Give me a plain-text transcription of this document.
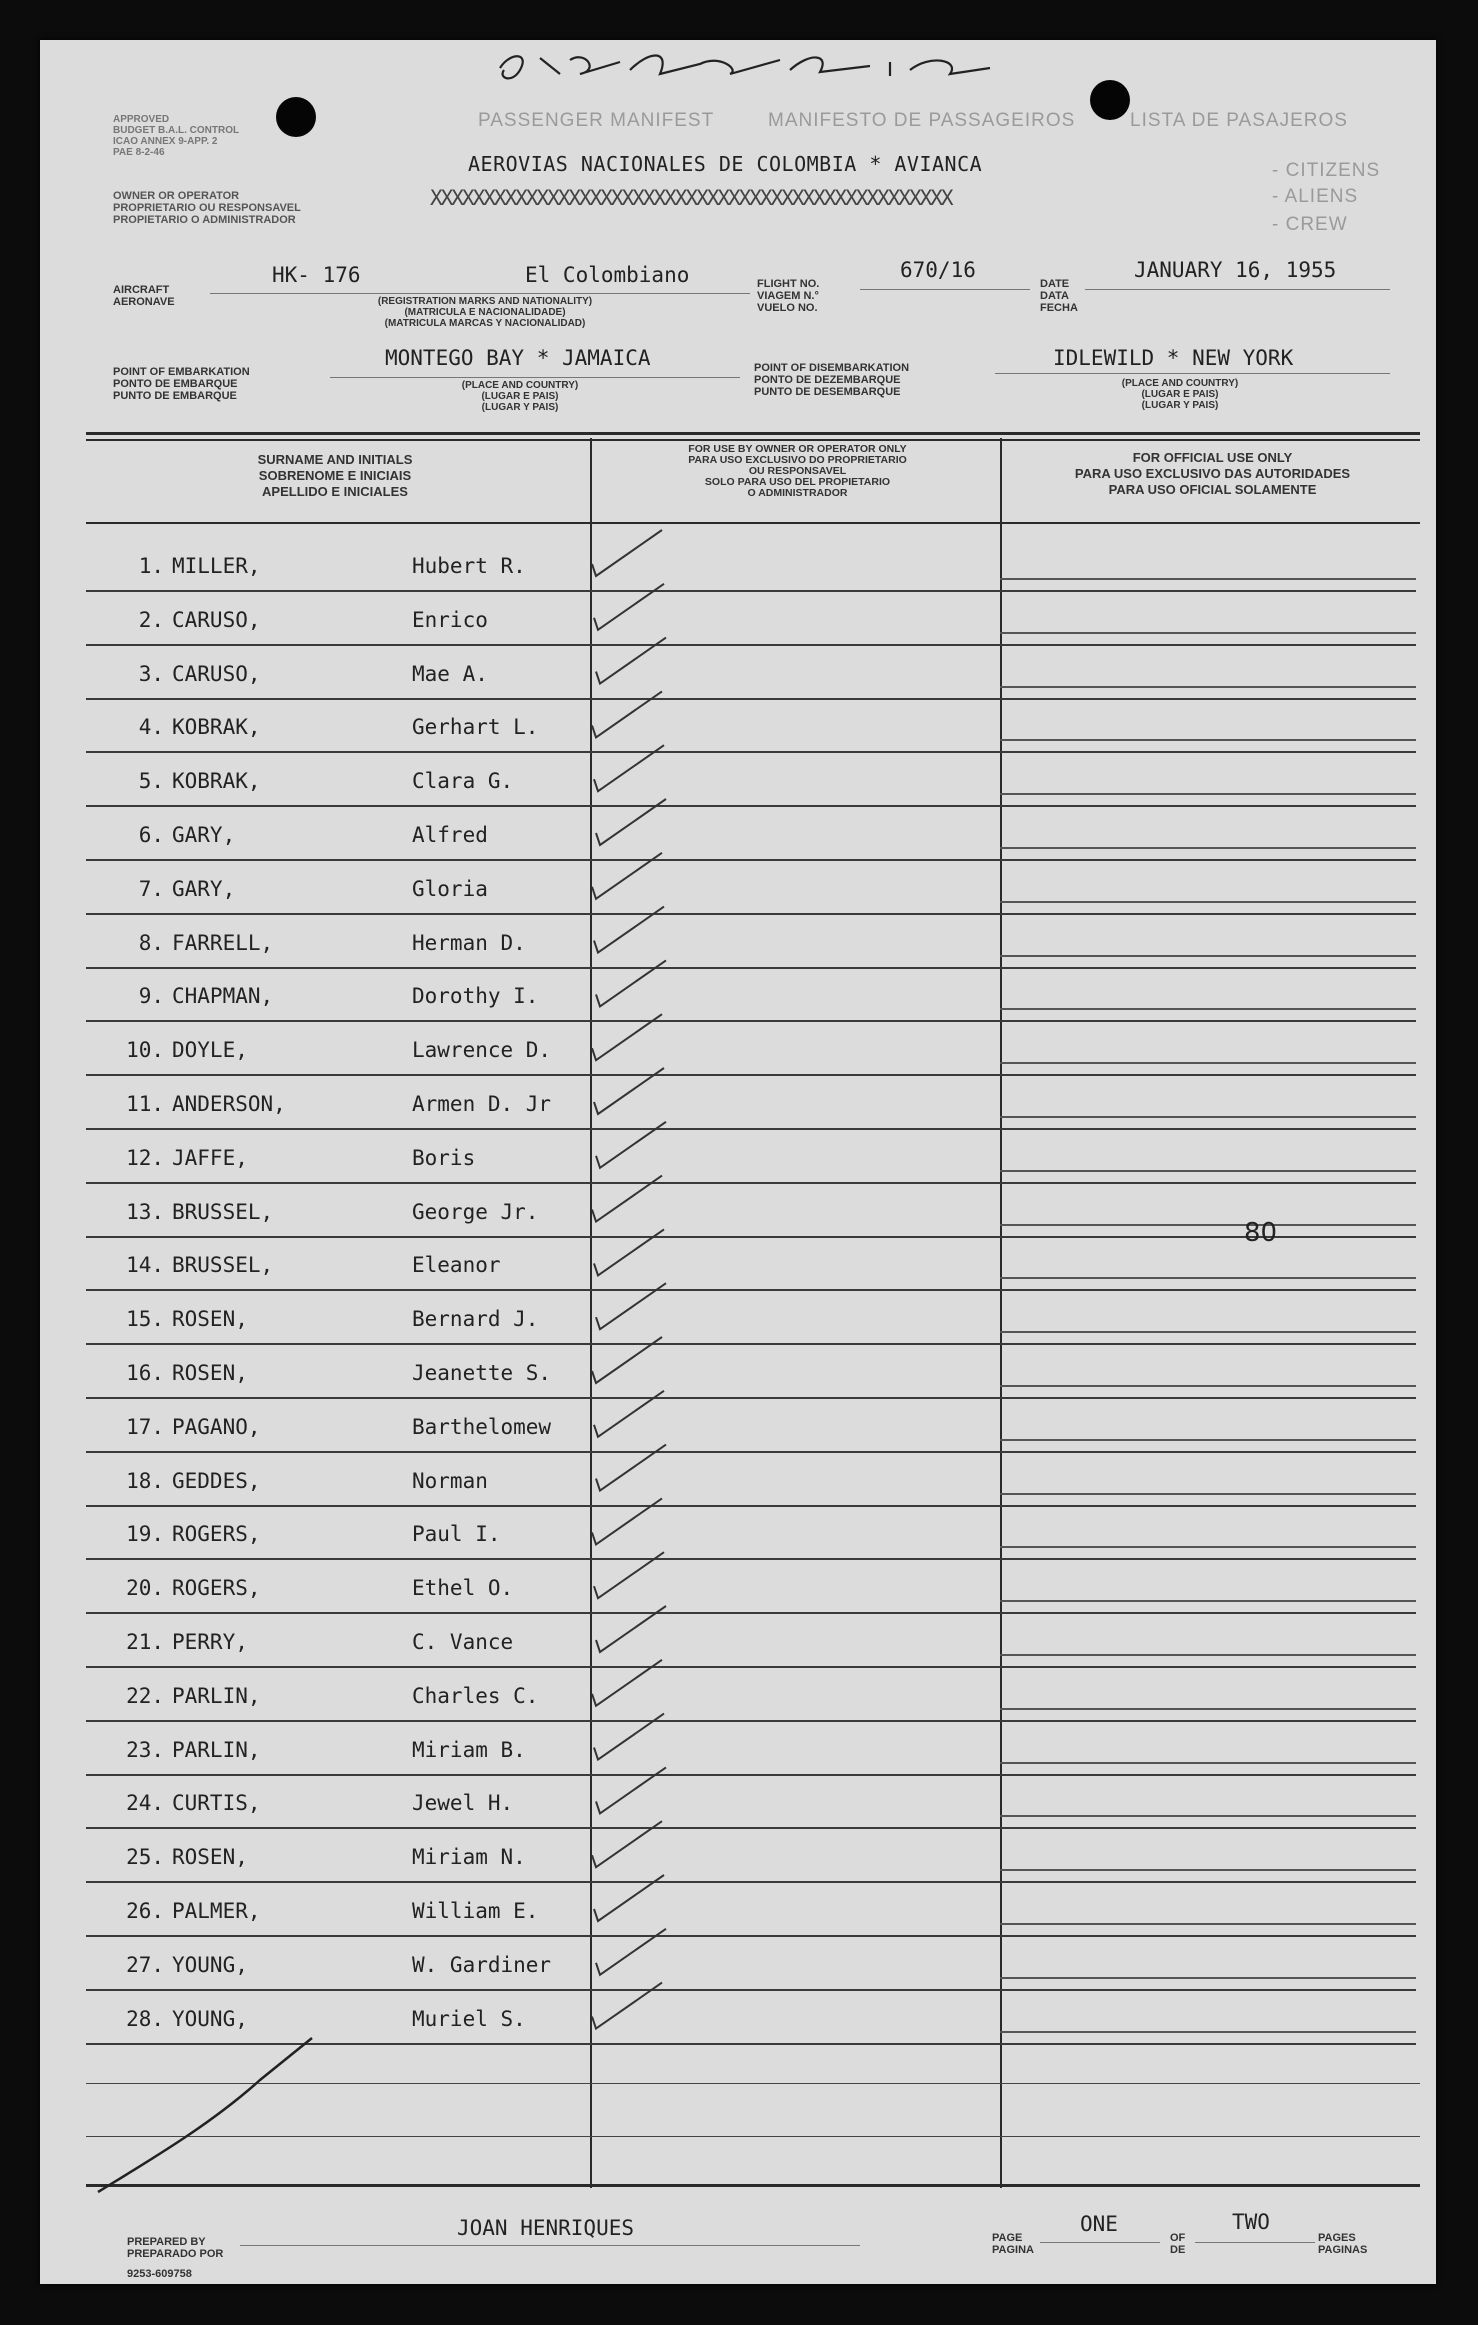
APPROVED
BUDGET B.A.L. CONTROL
ICAO ANNEX 9-APP. 2
PAE 8-2-46
OWNER OR OPERATOR
PROPRIETARIO OU RESPONSAVEL
PROPIETARIO O ADMINISTRADOR
PASSENGER MANIFEST	MANIFESTO DE PASSAGEIROS	LISTA DE PASAJEROS
- CITIZENS
- ALIENS
- CREW
AEROVIAS NACIONALES DE COLOMBIA * AVIANCA
XXXXXXXXXXXXXXXXXXXXXXXXXXXXXXXXXXXXXXXXXXXXXXXXX
AIRCRAFT
AERONAVE
HK- 176	El Colombiano
(REGISTRATION MARKS AND NATIONALITY)
(MATRICULA E NACIONALIDADE)
(MATRICULA MARCAS Y NACIONALIDAD)
FLIGHT NO.
VIAGEM N.°
VUELO NO.
670/16
DATE
DATA
FECHA
JANUARY 16, 1955
POINT OF EMBARKATION
PONTO DE EMBARQUE
PUNTO DE EMBARQUE
MONTEGO BAY * JAMAICA
(PLACE AND COUNTRY)
(LUGAR E PAIS)
(LUGAR Y PAIS)
POINT OF DISEMBARKATION
PONTO DE DEZEMBARQUE
PUNTO DE DESEMBARQUE
IDLEWILD * NEW YORK
(PLACE AND COUNTRY)
(LUGAR E PAIS)
(LUGAR Y PAIS)
SURNAME AND INITIALS
SOBRENOME E INICIAIS
APELLIDO E INICIALES
FOR USE BY OWNER OR OPERATOR ONLY
PARA USO EXCLUSIVO DO PROPRIETARIO
OU RESPONSAVEL
SOLO PARA USO DEL PROPIETARIO
O ADMINISTRADOR
FOR OFFICIAL USE ONLY
PARA USO EXCLUSIVO DAS AUTORIDADES
PARA USO OFICIAL SOLAMENTE
1. MILLER,	Hubert R.
2. CARUSO,	Enrico
3. CARUSO,	Mae A.
4. KOBRAK,	Gerhart L.
5. KOBRAK,	Clara G.
6. GARY,	Alfred
7. GARY,	Gloria
8. FARRELL,	Herman D.
9. CHAPMAN,	Dorothy I.
10. DOYLE,	Lawrence D.
11. ANDERSON,	Armen D. Jr
12. JAFFE,	Boris
13. BRUSSEL,	George Jr.
14. BRUSSEL,	Eleanor
15. ROSEN,	Bernard J.
16. ROSEN,	Jeanette S.
17. PAGANO,	Barthelomew
18. GEDDES,	Norman
19. ROGERS,	Paul I.
20. ROGERS,	Ethel O.
21. PERRY,	C. Vance
22. PARLIN,	Charles C.
23. PARLIN,	Miriam B.
24. CURTIS,	Jewel H.
25. ROSEN,	Miriam N.
26. PALMER,	William E.
27. YOUNG,	W. Gardiner
28. YOUNG,	Muriel S.
80
PREPARED BY
PREPARADO POR
JOAN HENRIQUES
9253-609758
PAGE
PAGINA
ONE
OF
DE
TWO
PAGES
PAGINAS
